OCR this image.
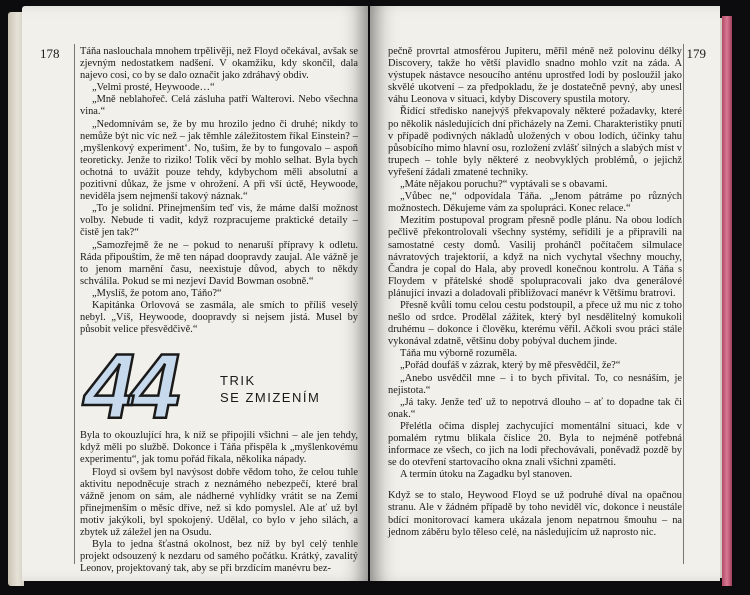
178 Táňa naslouchala mnohem trpělivěji, než Floyd očekával, avšak se zjevným nedostatkem nadšení. V okamžiku, kdy skončil, dala najevo cosi, co by se dalo označit jako zdráhavý obdiv.

„Velmi prosté, Heywoode…“

„Mně neblahořeč. Celá zásluha patří Walterovi. Nebo všechna vina.“

„Nedomnívám se, že by mu hrozilo jedno či druhé; nikdy to nemůže být nic víc než – jak těmhle záležitostem říkal Einstein? – ‚myšlenkový experiment‘. No, tušim, že by to fungovalo – aspoň teoreticky. Jenže to riziko! Tolik věcí by mohlo selhat. Byla bych ochotná to uvážit pouze tehdy, kdybychom měli absolutní a pozitivní důkaz, že jsme v ohrožení. A při vší úctě, Heywoode, neviděla jsem nejmenší takový náznak.“

„To je solidní. Přinejmenším teď vis, že máme další možnost volby. Nebude ti vadit, když rozpracujeme praktické detaily – čistě jen tak?“

„Samozřejmě že ne – pokud to nenaruší přípravy k odletu. Ráda připouštím, že mě ten nápad doopravdy zaujal. Ale vážně je to jenom marnění času, neexistuje důvod, abych to někdy schválila. Pokud se mi nezjeví David Bowman osobně.“

„Myslíš, že potom ano, Táňo?“

Kapitánka Orlovová se zasmála, ale smích to příliš veselý nebyl. „Víš, Heywoode, doopravdy si nejsem jistá. Musel by působit velice přesvědčivě.“

44	TRIK
SE ZMIZENÍM

Byla to okouzlující hra, k níž se připojili všichni – ale jen tehdy, když měli po službě. Dokonce i Táňa přispěla k „myšlenkovému experimentu“, jak tomu pořád říkala, několika nápady.

Floyd si ovšem byl navýsost dobře vědom toho, že celou tuhle aktivitu nepodněcuje strach z neznámého nebezpečí, které bral vážně jenom on sám, ale nádherné vyhlídky vrátit se na Zemi přinejmenším o měsíc dříve, než si kdo pomyslel. Ale ať už byl motiv jakýkoli, byl spokojený. Udělal, co bylo v jeho silách, a zbytek už záležel jen na Osudu.

Byla to jedna šťastná okolnost, bez níž by byl celý tenhle projekt odsouzený k nezdaru od samého počátku. Krátký, zavalitý Leonov, projektovaný tak, aby se při brzdícím manévru bez-

179

pečně provrtal atmosférou Jupiteru, měřil méně než polovinu délky Discovery, takže ho větší plavidlo snadno mohlo vzít na záda. A výstupek nástavce nesoucího anténu uprostřed lodi by posloužil jako skvělé ukotvení – za předpokladu, že je dostatečně pevný, aby unesl váhu Leonova v situaci, kdyby Discovery spustila motory.

Řídící středisko nanejvýš překvapovaly některé požadavky, které po několik následujících dní přicházely na Zemi. Charakteristiky pnutí v případě podivných nákladů uložených v obou lodích, účinky tahu působícího mimo hlavní osu, rozložení zvlášť silných a slabých míst v trupech – tohle byly některé z neobvyklých problémů, o jejichž vyřešení žádali zmatené techniky.

„Máte nějakou poruchu?“ vyptávali se s obavami.

„Vůbec ne,“ odpovídala Táňa. „Jenom pátráme po různých možnostech. Děkujeme vám za spolupráci. Konec relace.“

Mezitím postupoval program přesně podle plánu. Na obou lodích pečlivě překontrolovali všechny systémy, seřídili je a připravili na samostatné cesty domů. Vasilij prohánčl počítačem silmulace návratových trajektorií, a když na nich vychytal všechny mouchy, Čandra je copal do Hala, aby provedl konečnou kontrolu. A Táňa s Floydem v přátelské shodě spolupracovali jako dva generálové plánující invazi a doladovali přibližovací manévr k Většímu bratrovi.

Přesně kvůli tomu celou cestu podstoupil, a přece už mu nic z toho nešlo od srdce. Prodělal zážitek, který byl nesdělitelný komukoli druhému – dokonce i člověku, kterému věřil. Ačkoli svou práci stále vykonával zdatně, většinu doby pobýval duchem jinde.

Táňa mu výborně rozuměla.

„Pořád doufáš v zázrak, který by mě přesvědčil, že?“

„Anebo usvědčil mne – i to bych přivítal. To, co nesnáším, je nejistota.“

„Já taky. Jenže teď už to nepotrvá dlouho – ať to dopadne tak či onak.“

Přelétla očima displej zachycující momentální situaci, kde v pomalém rytmu blikala číslice 20. Byla to nejméně potřebná informace ze všech, co jich na lodi přechovávali, poněvadž pozdě by se do otevření startovacího okna znali všichni zpaměti.

A termín útoku na Zagadku byl stanoven.

Když se to stalo, Heywood Floyd se už podruhé díval na opačnou stranu. Ale v žádném případě by toho neviděl víc, dokonce i neustále bdící monitorovací kamera ukázala jenom nepatrnou šmouhu – na jednom záběru bylo těleso celé, na následujícím už naprosto nic.
